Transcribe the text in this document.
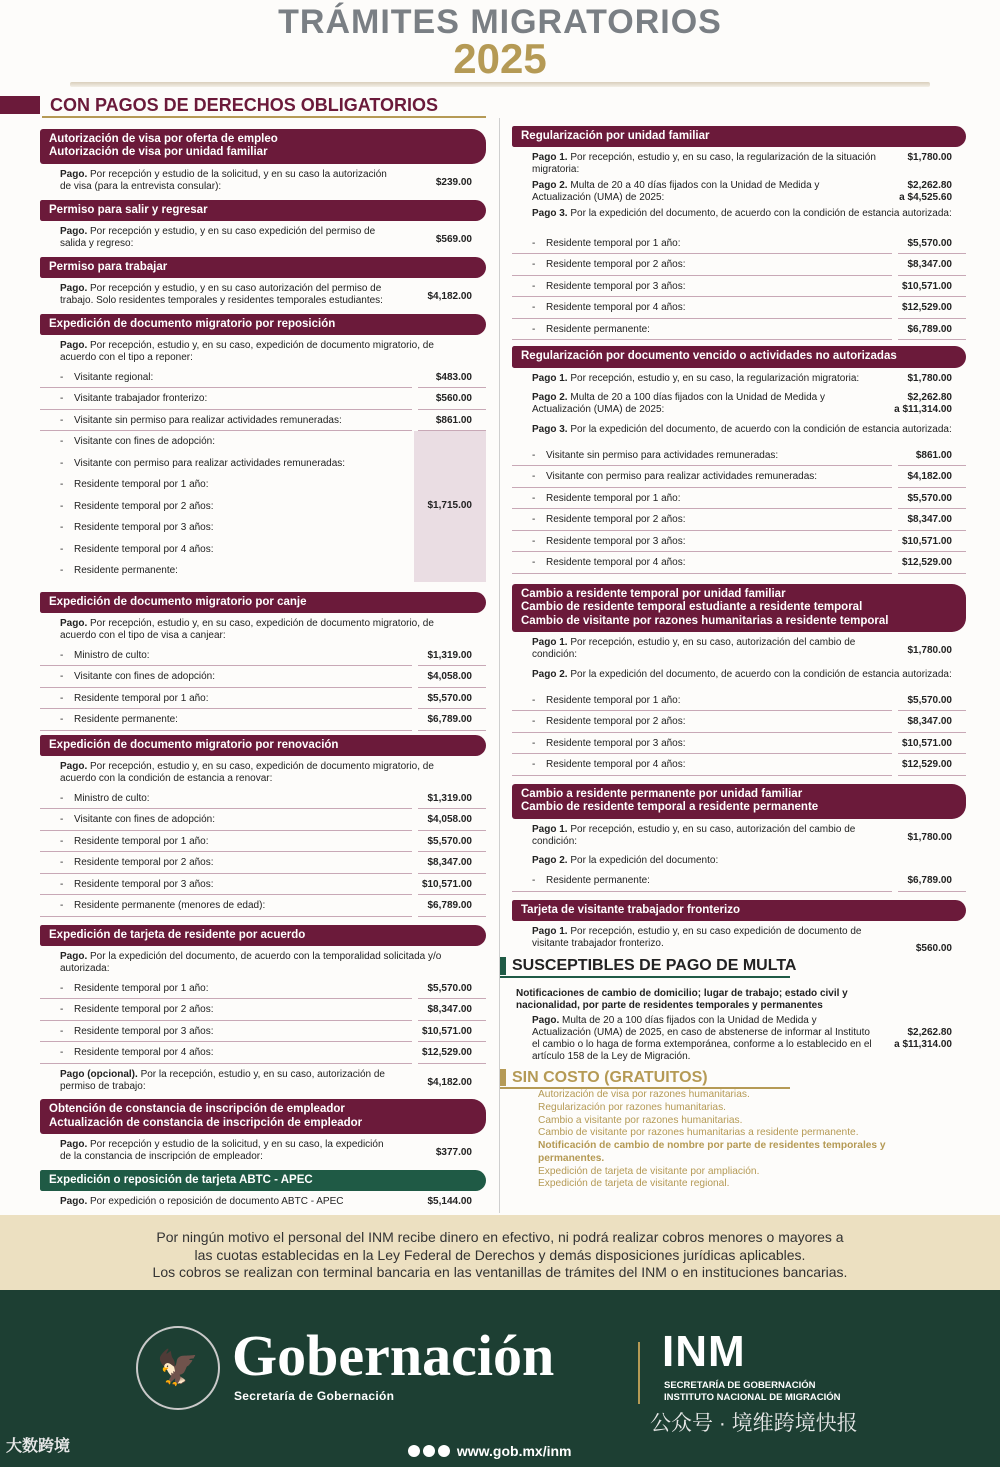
TRÁMITES MIGRATORIOS
2025
CON PAGOS DE DERECHOS OBLIGATORIOS
Autorización de visa por oferta de empleo
Autorización de visa por unidad familiar
Pago. Por recepción y estudio de la solicitud, y en su caso la autorización de visa (para la entrevista consular):	$239.00
Permiso para salir y regresar
Pago. Por recepción y estudio, y en su caso expedición del permiso de salida y regreso:	$569.00
Permiso para trabajar
Pago. Por recepción y estudio, y en su caso autorización del permiso de trabajo. Solo residentes temporales y residentes temporales estudiantes:	$4,182.00
Expedición de documento migratorio por reposición
Pago. Por recepción, estudio y, en su caso, expedición de documento migratorio, de acuerdo con el tipo a reponer:
- Visitante regional:	$483.00
- Visitante trabajador fronterizo:	$560.00
- Visitante sin permiso para realizar actividades remuneradas:	$861.00
- Visitante con fines de adopción:
- Visitante con permiso para realizar actividades remuneradas:
- Residente temporal por 1 año:
- Residente temporal por 2 años:
- Residente temporal por 3 años:
- Residente temporal por 4 años:
- Residente permanente:
$1,715.00
Expedición de documento migratorio por canje
Pago. Por recepción, estudio y, en su caso, expedición de documento migratorio, de acuerdo con el tipo de visa a canjear:
- Ministro de culto:	$1,319.00
- Visitante con fines de adopción:	$4,058.00
- Residente temporal por 1 año:	$5,570.00
- Residente permanente:	$6,789.00
Expedición de documento migratorio por renovación
Pago. Por recepción, estudio y, en su caso, expedición de documento migratorio, de acuerdo con la condición de estancia a renovar:
- Ministro de culto:	$1,319.00
- Visitante con fines de adopción:	$4,058.00
- Residente temporal por 1 año:	$5,570.00
- Residente temporal por 2 años:	$8,347.00
- Residente temporal por 3 años:	$10,571.00
- Residente permanente (menores de edad):	$6,789.00
Expedición de tarjeta de residente por acuerdo
Pago. Por la expedición del documento, de acuerdo con la temporalidad solicitada y/o autorizada:
- Residente temporal por 1 año:	$5,570.00
- Residente temporal por 2 años:	$8,347.00
- Residente temporal por 3 años:	$10,571.00
- Residente temporal por 4 años:	$12,529.00
Pago (opcional). Por la recepción, estudio y, en su caso, autorización de permiso de trabajo:	$4,182.00
Obtención de constancia de inscripción de empleador
Actualización de constancia de inscripción de empleador
Pago. Por recepción y estudio de la solicitud, y en su caso, la expedición de la constancia de inscripción de empleador:	$377.00
Expedición o reposición de tarjeta ABTC - APEC
Pago. Por expedición o reposición de documento ABTC - APEC	$5,144.00
Regularización por unidad familiar
Pago 1. Por recepción, estudio y, en su caso, la regularización de la situación migratoria:
$1,780.00
Pago 2. Multa de 20 a 40 días fijados con la Unidad de Medida y Actualización (UMA) de 2025:
$2,262.80
a $4,525.60
Pago 3. Por la expedición del documento, de acuerdo con la condición de estancia autorizada:
- Residente temporal por 1 año:	$5,570.00
- Residente temporal por 2 años:	$8,347.00
- Residente temporal por 3 años:	$10,571.00
- Residente temporal por 4 años:	$12,529.00
- Residente permanente:	$6,789.00
Regularización por documento vencido o actividades no autorizadas
Pago 1. Por recepción, estudio y, en su caso, la regularización migratoria:	$1,780.00
Pago 2. Multa de 20 a 100 días fijados con la Unidad de Medida y Actualización (UMA) de 2025:
$2,262.80
a $11,314.00
Pago 3. Por la expedición del documento, de acuerdo con la condición de estancia autorizada:
- Visitante sin permiso para actividades remuneradas:	$861.00
- Visitante con permiso para realizar actividades remuneradas:	$4,182.00
- Residente temporal por 1 año:	$5,570.00
- Residente temporal por 2 años:	$8,347.00
- Residente temporal por 3 años:	$10,571.00
- Residente temporal por 4 años:	$12,529.00
Cambio a residente temporal por unidad familiar
Cambio de residente temporal estudiante a residente temporal
Cambio de visitante por razones humanitarias a residente temporal
Pago 1. Por recepción, estudio y, en su caso, autorización del cambio de condición:	$1,780.00
Pago 2. Por la expedición del documento, de acuerdo con la condición de estancia autorizada:
- Residente temporal por 1 año:	$5,570.00
- Residente temporal por 2 años:	$8,347.00
- Residente temporal por 3 años:	$10,571.00
- Residente temporal por 4 años:	$12,529.00
Cambio a residente permanente por unidad familiar
Cambio de residente temporal a residente permanente
Pago 1. Por recepción, estudio y, en su caso, autorización del cambio de condición:	$1,780.00
Pago 2. Por la expedición del documento:
- Residente permanente:	$6,789.00
Tarjeta de visitante trabajador fronterizo
Pago 1. Por recepción, estudio y, en su caso expedición de documento de visitante trabajador fronterizo.	$560.00
SUSCEPTIBLES DE PAGO DE MULTA
Notificaciones de cambio de domicilio; lugar de trabajo; estado civil y nacionalidad, por parte de residentes temporales y permanentes
Pago. Multa de 20 a 100 días fijados con la Unidad de Medida y Actualización (UMA) de 2025, en caso de abstenerse de informar al Instituto el cambio o lo haga de forma extemporánea, conforme a lo establecido en el artículo 158 de la Ley de Migración.
$2,262.80
a $11,314.00
SIN COSTO (GRATUITOS)
Autorización de visa por razones humanitarias.
Regularización por razones humanitarias.
Cambio a visitante por razones humanitarias.
Cambio de visitante por razones humanitarias a residente permanente.
Notificación de cambio de nombre por parte de residentes temporales y permanentes.
Expedición de tarjeta de visitante por ampliación.
Expedición de tarjeta de visitante regional.
Por ningún motivo el personal del INM recibe dinero en efectivo, ni podrá realizar cobros menores o mayores a
las cuotas establecidas en la Ley Federal de Derechos y demás disposiciones jurídicas aplicables.
Los cobros se realizan con terminal bancaria en las ventanillas de trámites del INM o en instituciones bancarias.
🦅 Gobernación
Secretaría de Gobernación
INM
SECRETARÍA DE GOBERNACIÓN
INSTITUTO NACIONAL DE MIGRACIÓN
www.gob.mx/inm
大数跨境
公众号 · 境维跨境快报
